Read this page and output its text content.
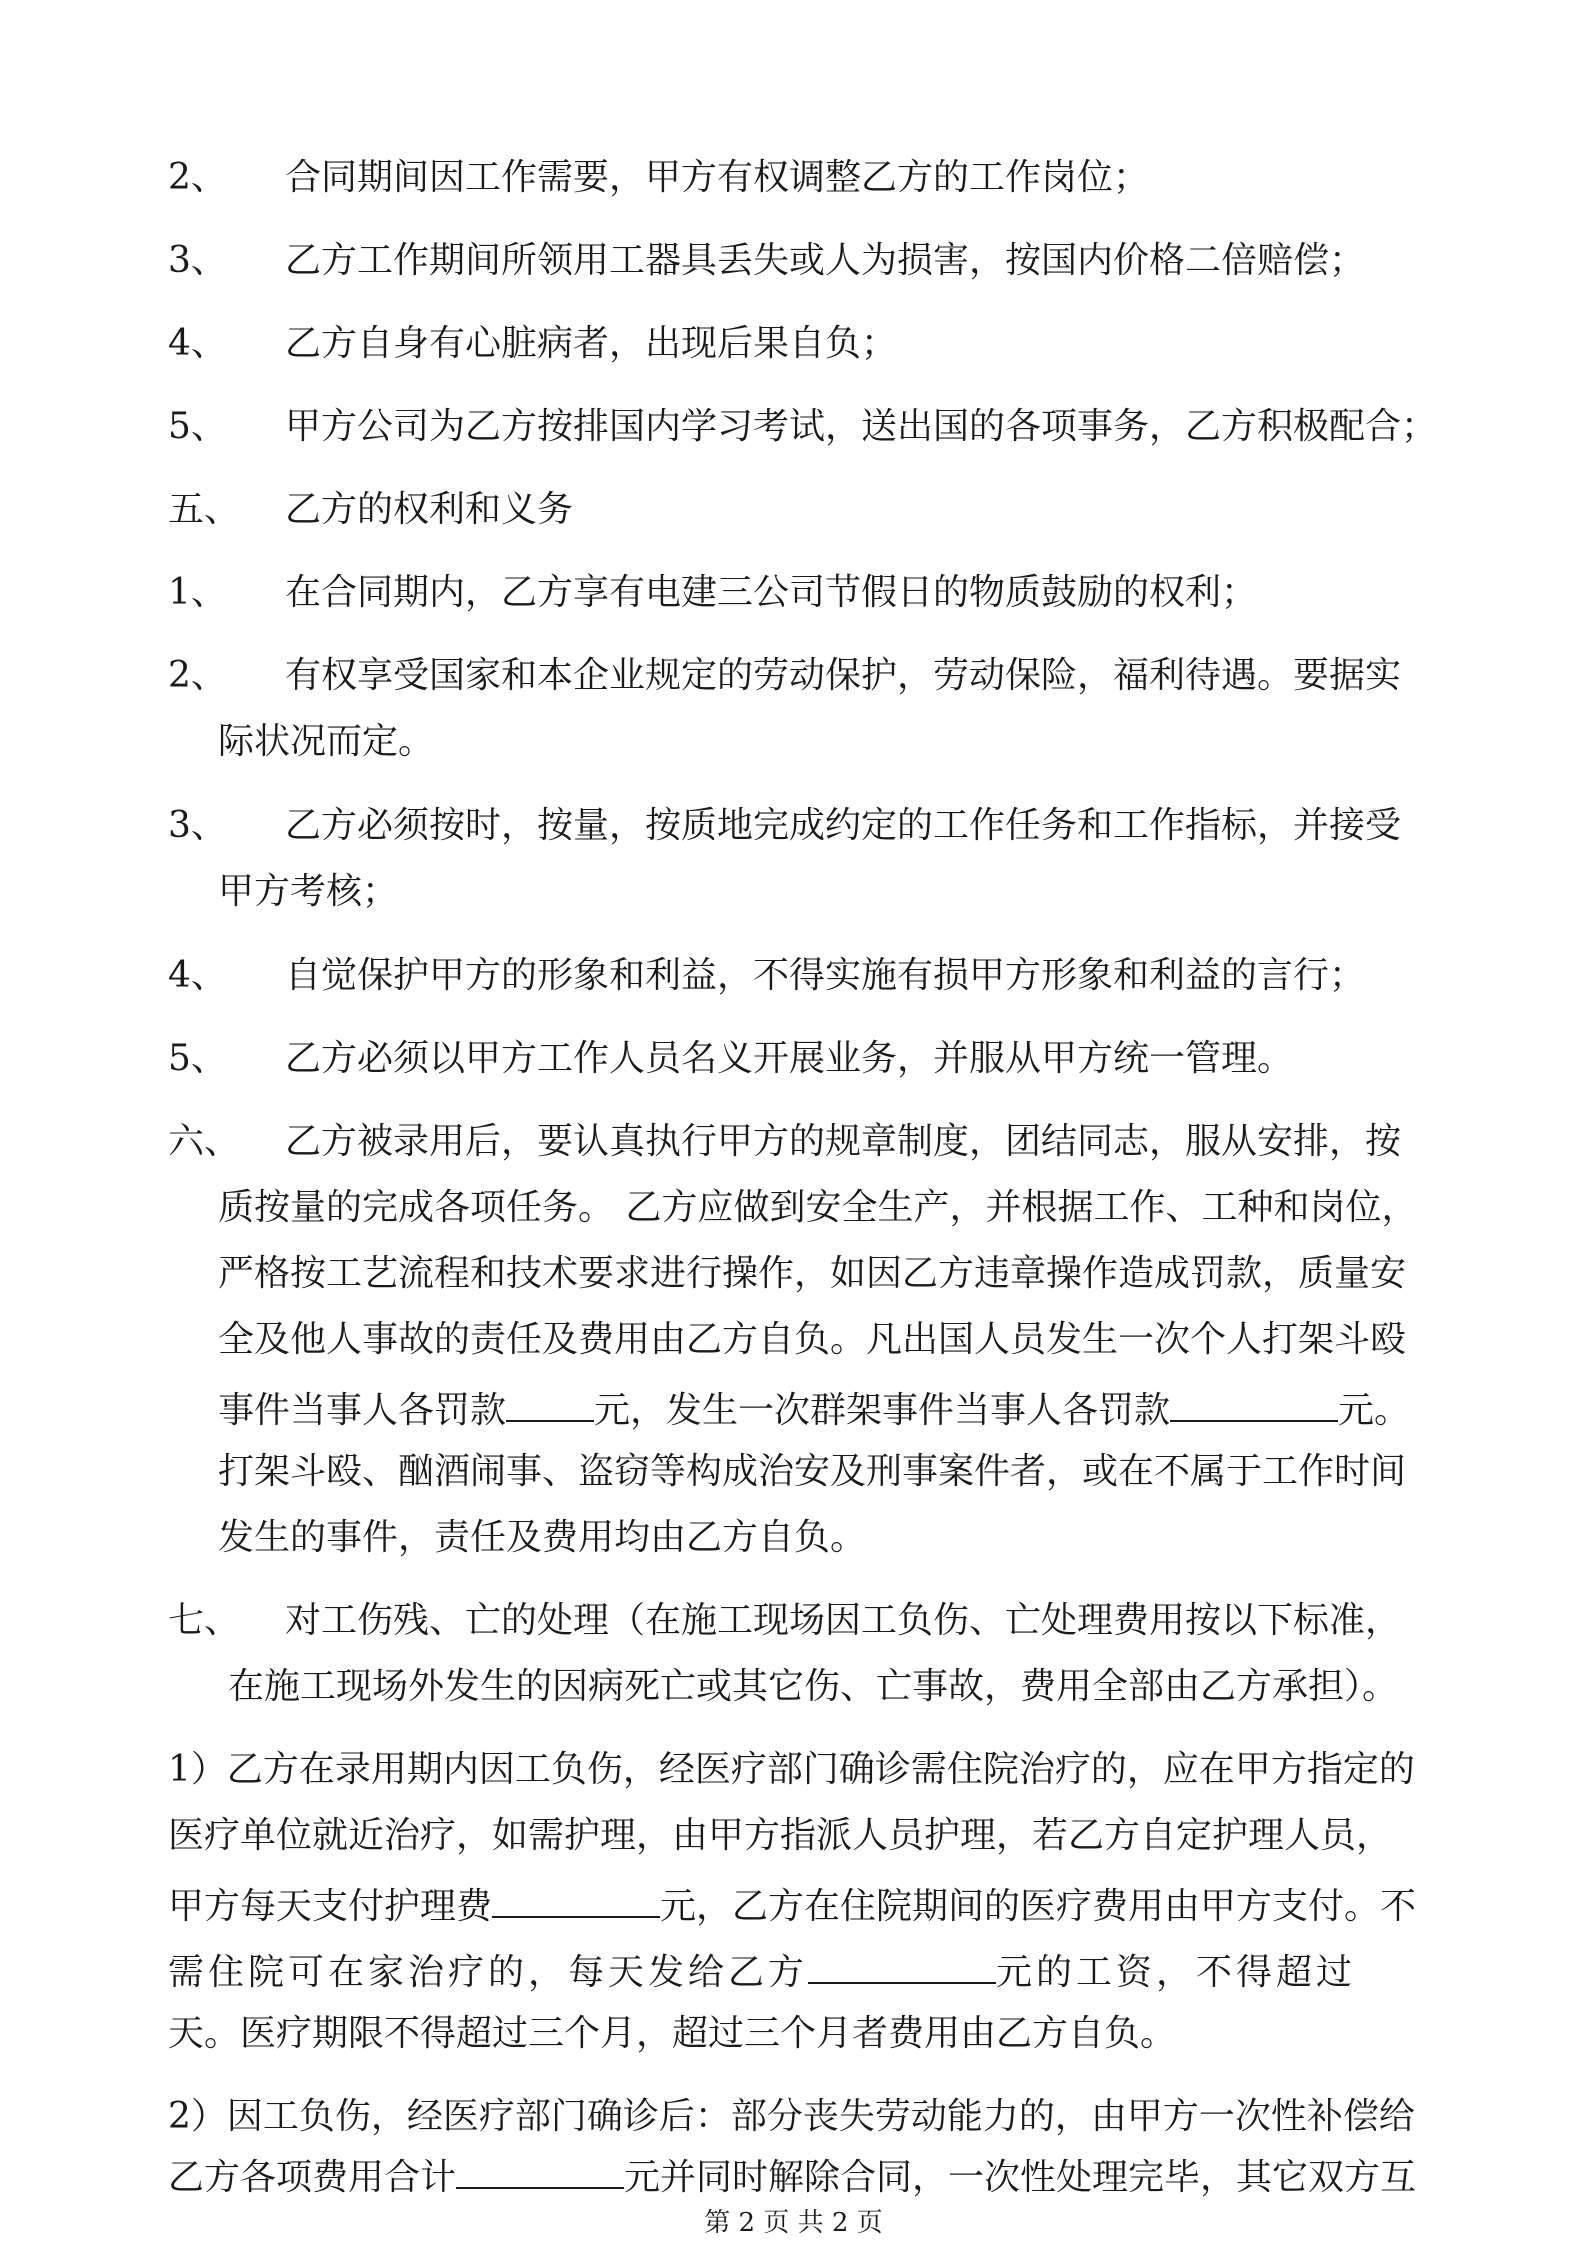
2、 合同期间因工作需要，甲方有权调整乙方的工作岗位；
3、 乙方工作期间所领用工器具丢失或人为损害，按国内价格二倍赔偿；
4、 乙方自身有心脏病者，出现后果自负；
5、 甲方公司为乙方按排国内学习考试，送出国的各项事务，乙方积极配合；
五、 乙方的权利和义务
1、 在合同期内，乙方享有电建三公司节假日的物质鼓励的权利；
2、 有权享受国家和本企业规定的劳动保护，劳动保险，福利待遇。要据实
际状况而定。
3、 乙方必须按时，按量，按质地完成约定的工作任务和工作指标，并接受
甲方考核；
4、 自觉保护甲方的形象和利益，不得实施有损甲方形象和利益的言行；
5、 乙方必须以甲方工作人员名义开展业务，并服从甲方统一管理。
六、 乙方被录用后，要认真执行甲方的规章制度，团结同志，服从安排，按
质按量的完成各项任务。 乙方应做到安全生产，并根据工作、工种和岗位，
严格按工艺流程和技术要求进行操作，如因乙方违章操作造成罚款，质量安
全及他人事故的责任及费用由乙方自负。凡出国人员发生一次个人打架斗殴
事件当事人各罚款 元，发生一次群架事件当事人各罚款	元。
打架斗殴、酗酒闹事、盗窃等构成治安及刑事案件者，或在不属于工作时间
发生的事件，责任及费用均由乙方自负。
七、 对工伤残、亡的处理（在施工现场因工负伤、亡处理费用按以下标准，
在施工现场外发生的因病死亡或其它伤、亡事故，费用全部由乙方承担）。
1）乙方在录用期内因工负伤，经医疗部门确诊需住院治疗的，应在甲方指定的
医疗单位就近治疗，如需护理，由甲方指派人员护理，若乙方自定护理人员，
甲方每天支付护理费	元，乙方在住院期间的医疗费用由甲方支付。不
需住院可在家治疗的，每天发给乙方	元的工资，不得超过
天。医疗期限不得超过三个月，超过三个月者费用由乙方自负。
第 2 页 共 2 页
2）因工负伤，经医疗部门确诊后：部分丧失劳动能力的，由甲方一次性补偿给
乙方各项费用合计	元并同时解除合同，一次性处理完毕，其它双方互
